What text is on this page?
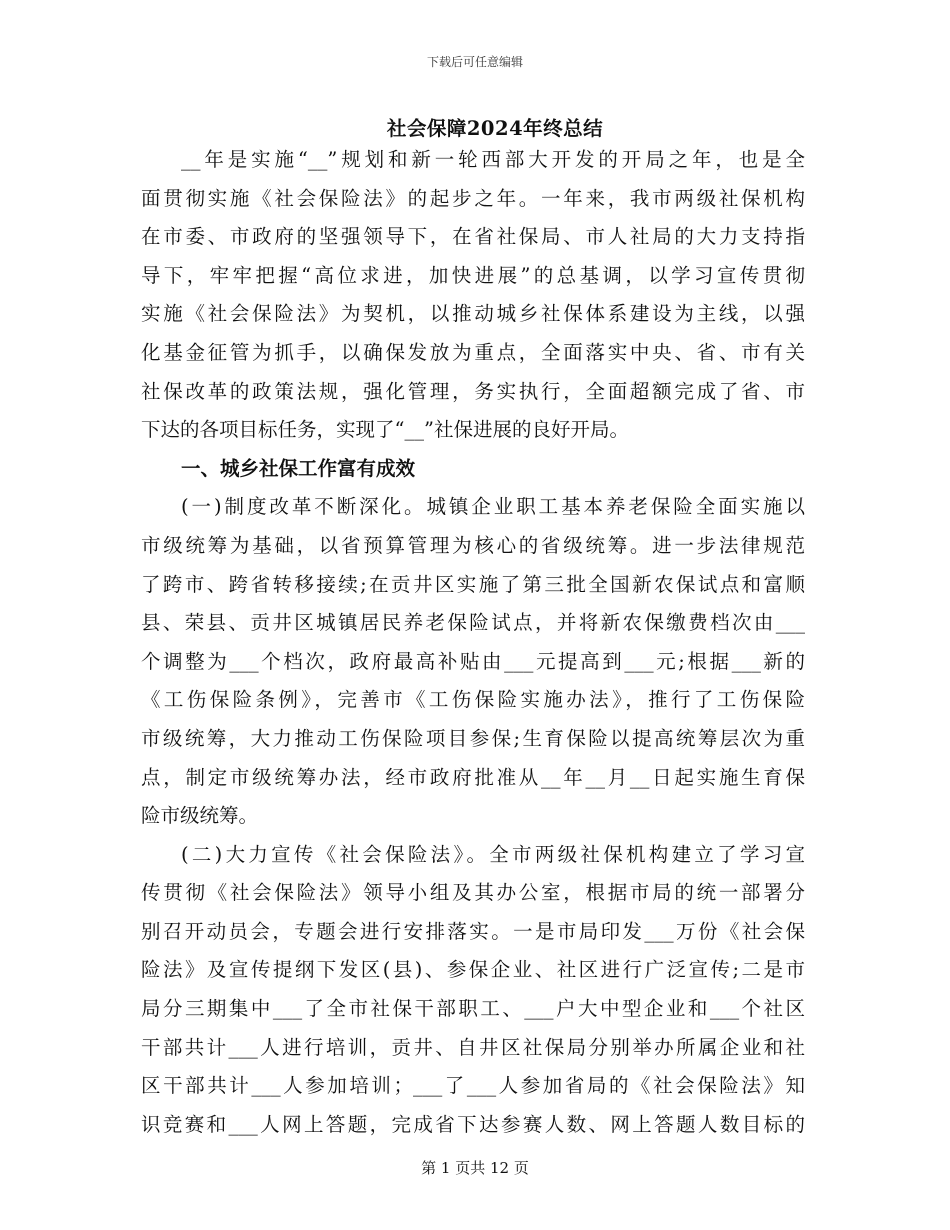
下载后可任意编辑
社会保障2024年终总结
__年是实施“__”规划和新一轮西部大开发的开局之年，也是全
面贯彻实施《社会保险法》的起步之年。一年来，我市两级社保机构
在市委、市政府的坚强领导下，在省社保局、市人社局的大力支持指
导下，牢牢把握“高位求进，加快进展”的总基调，以学习宣传贯彻
实施《社会保险法》为契机，以推动城乡社保体系建设为主线，以强
化基金征管为抓手，以确保发放为重点，全面落实中央、省、市有关
社保改革的政策法规，强化管理，务实执行，全面超额完成了省、市
下达的各项目标任务，实现了“__”社保进展的良好开局。
一、城乡社保工作富有成效
(一)制度改革不断深化。城镇企业职工基本养老保险全面实施以
市级统筹为基础，以省预算管理为核心的省级统筹。进一步法律规范
了跨市、跨省转移接续;在贡井区实施了第三批全国新农保试点和富顺
县、荣县、贡井区城镇居民养老保险试点，并将新农保缴费档次由___
个调整为___个档次，政府最高补贴由___元提高到___元;根据___新的
《工伤保险条例》，完善市《工伤保险实施办法》，推行了工伤保险
市级统筹，大力推动工伤保险项目参保;生育保险以提高统筹层次为重
点，制定市级统筹办法，经市政府批准从__年__月__日起实施生育保
险市级统筹。
(二)大力宣传《社会保险法》。全市两级社保机构建立了学习宣
传贯彻《社会保险法》领导小组及其办公室，根据市局的统一部署分
别召开动员会，专题会进行安排落实。一是市局印发___万份《社会保
险法》及宣传提纲下发区(县)、参保企业、社区进行广泛宣传;二是市
局分三期集中___了全市社保干部职工、___户大中型企业和___个社区
干部共计___人进行培训，贡井、自井区社保局分别举办所属企业和社
区干部共计___人参加培训；___了___人参加省局的《社会保险法》知
识竞赛和___人网上答题，完成省下达参赛人数、网上答题人数目标的
第 1 页共 12 页
